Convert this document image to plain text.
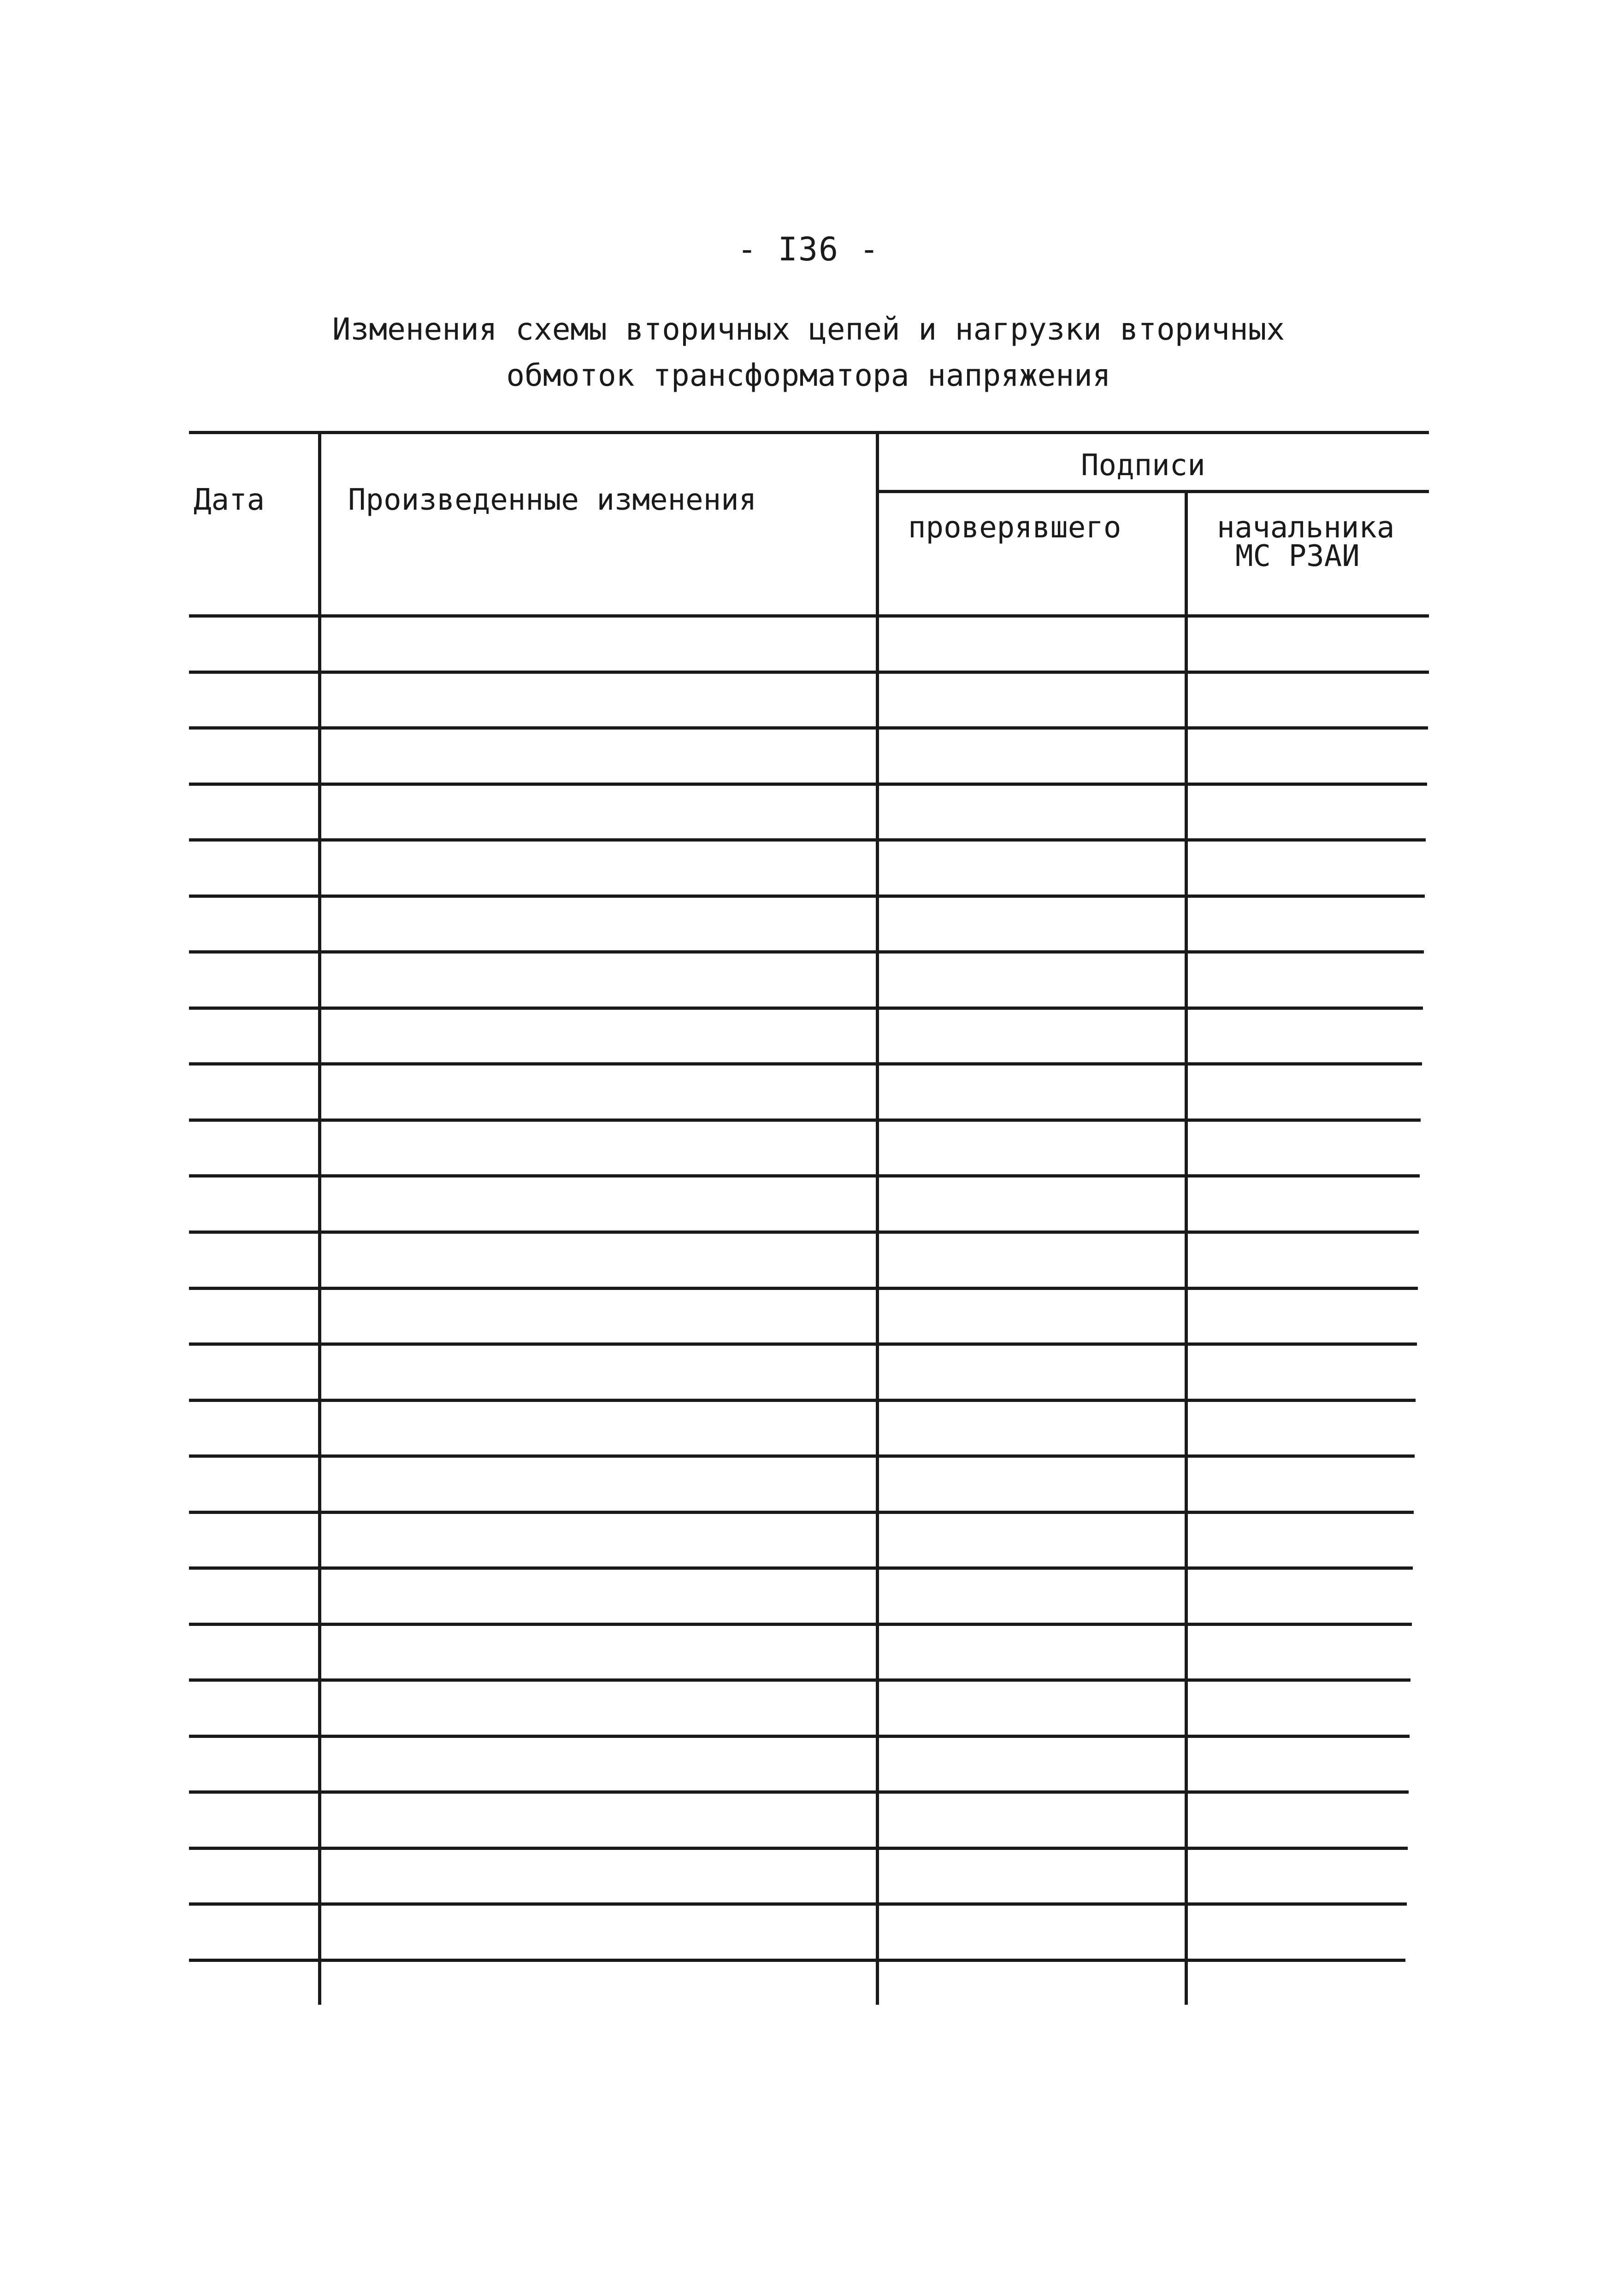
- I36 -
Изменения схемы вторичных цепей и нагрузки вторичных
обмоток трансформатора напряжения
Дата	Произведенные изменения
Подписи
проверявшего	начальника
МС РЗАИ
